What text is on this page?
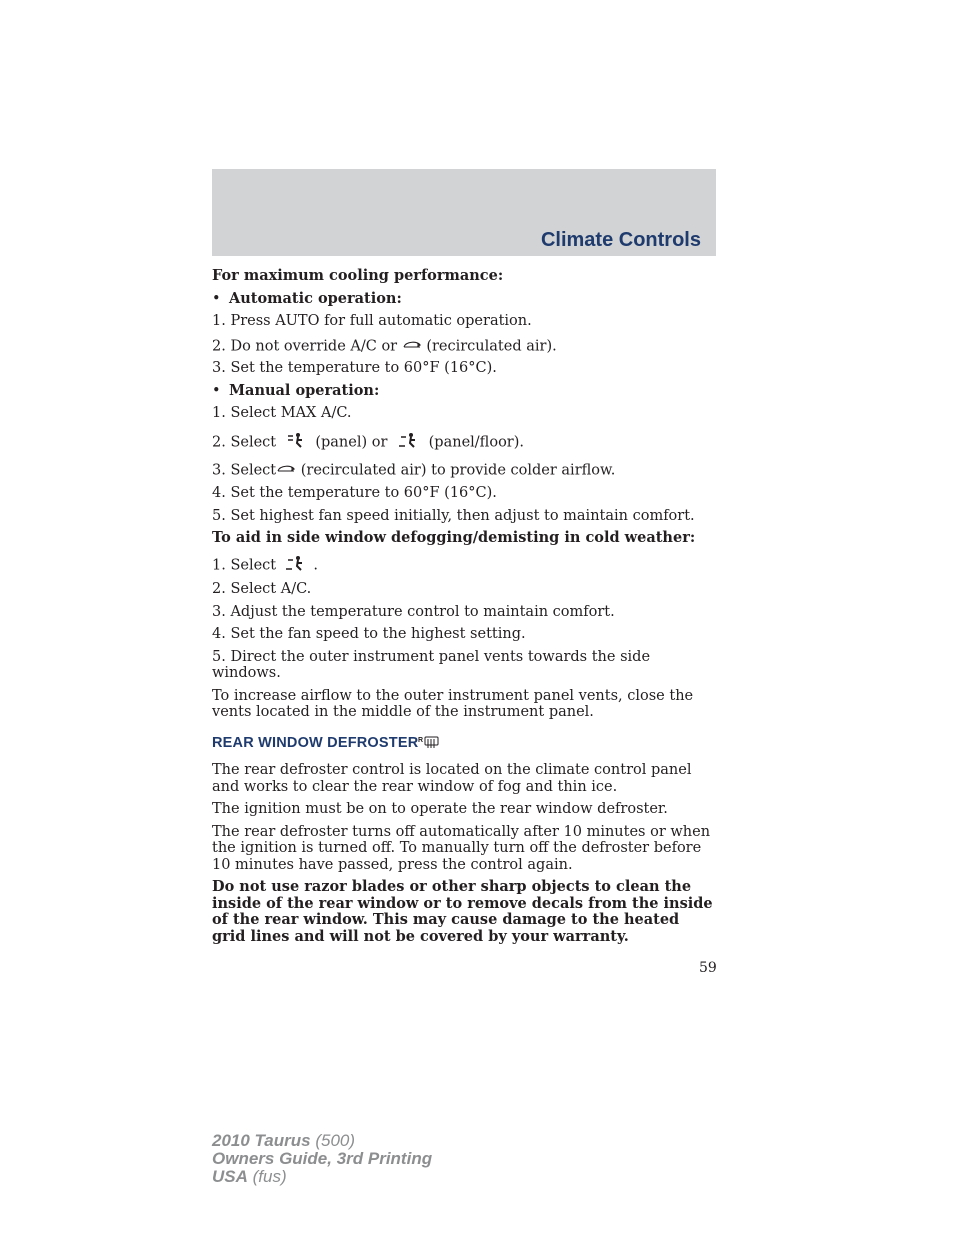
Climate Controls
For maximum cooling performance:
• Automatic operation:
1. Press AUTO for full automatic operation.
2. Do not override A/C or (recirculated air).
3. Set the temperature to 60°F (16°C).
• Manual operation:
1. Select MAX A/C.
2. Select	(panel) or	(panel/floor).
3. Select (recirculated air) to provide colder airflow.
4. Set the temperature to 60°F (16°C).
5. Set highest fan speed initially, then adjust to maintain comfort.
To aid in side window defogging/demisting in cold weather:
1. Select	.
2. Select A/C.
3. Adjust the temperature control to maintain comfort.
4. Set the fan speed to the highest setting.
5. Direct the outer instrument panel vents towards the side windows.
To increase airflow to the outer instrument panel vents, close the vents located in the middle of the instrument panel.
REAR WINDOW DEFROSTER R
The rear defroster control is located on the climate control panel and works to clear the rear window of fog and thin ice.
The ignition must be on to operate the rear window defroster.
The rear defroster turns off automatically after 10 minutes or when the ignition is turned off. To manually turn off the defroster before 10 minutes have passed, press the control again.
Do not use razor blades or other sharp objects to clean the inside of the rear window or to remove decals from the inside of the rear window. This may cause damage to the heated grid lines and will not be covered by your warranty.
59
2010 Taurus (500)
Owners Guide, 3rd Printing
USA (fus)
